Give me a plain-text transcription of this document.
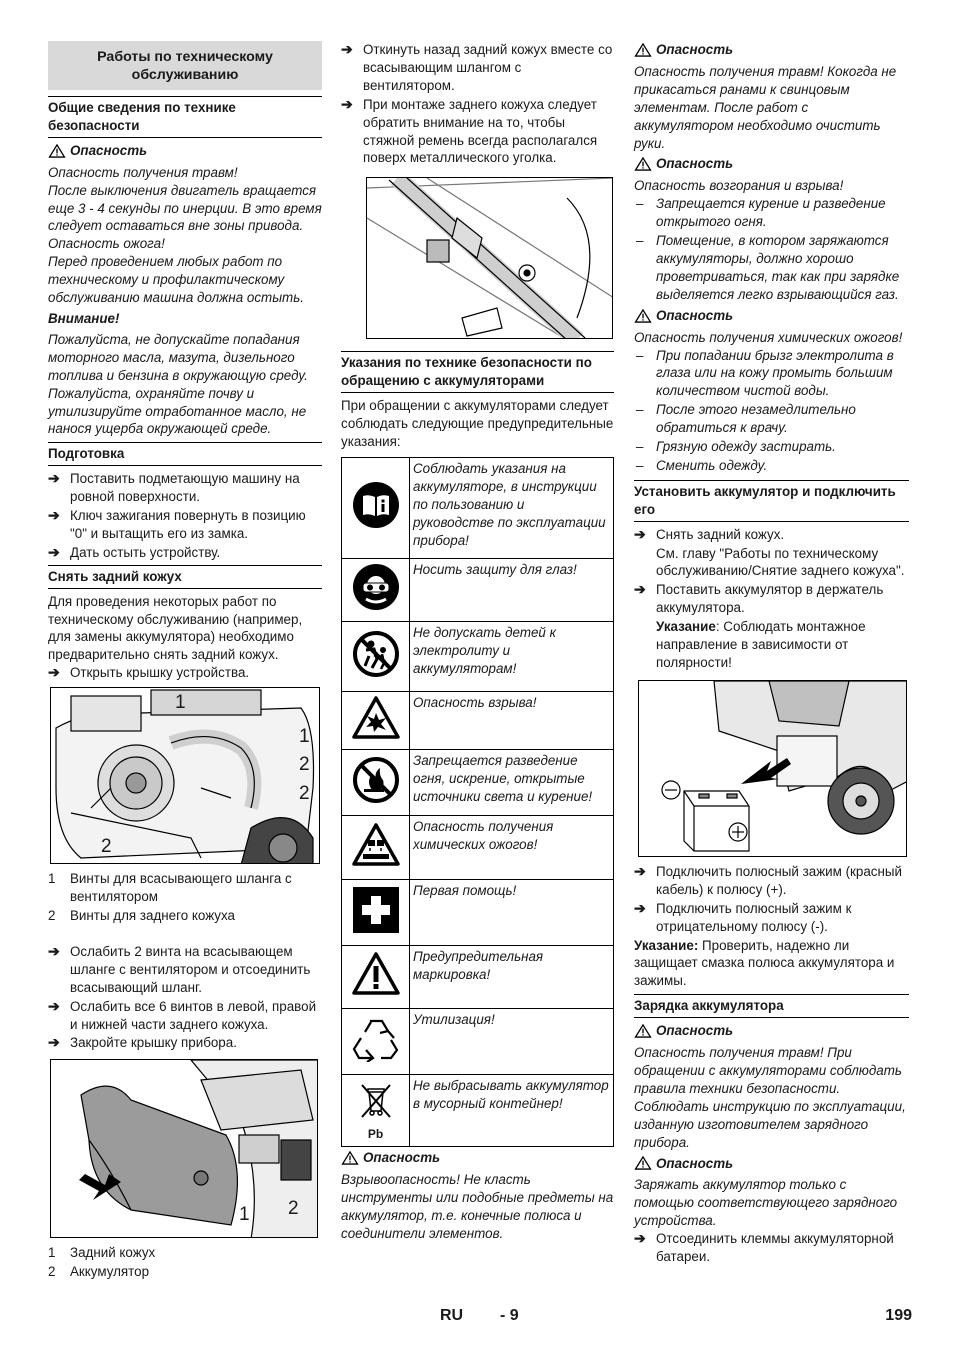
Работы по техническому обслуживанию
Общие сведения по технике безопасности
Опасность

Опасность получения травм!

После выключения двигатель вращается еще 3 - 4 секунды по инерции. В это время следует оставаться вне зоны привода.

Опасность ожога!

Перед проведением любых работ по техническому и профилактическому обслуживанию машина должна остыть.

Внимание!

Пожалуйста, не допускайте попадания моторного масла, мазута, дизельного топлива и бензина в окружающую среду. Пожалуйста, охраняйте почву и утилизируйте отработанное масло, не нанося ущерба окружающей среде.

Подготовка

➔ Поставить подметающую машину на ровной поверхности.

➔ Ключ зажигания повернуть в позицию "0" и вытащить его из замка.

➔ Дать остыть устройству.

Снять задний кожух

Для проведения некоторых работ по техническому обслуживанию (например, для замены аккумулятора) необходимо предварительно снять задний кожух.

➔ Открыть крышку устройства.

1
1
2
2
2
1 Винты для всасывающего шланга с вентилятором
2 Винты для заднего кожуха

➔ Ослабить 2 винта на всасывающем шланге с вентилятором и отсоединить всасывающий шланг.

➔ Ослабить все 6 винтов в левой, правой и нижней части заднего кожуха.

➔ Закройте крышку прибора.

1 2
1 Задний кожух
2 Аккумулятор

➔ Откинуть назад задний кожух вместе со всасывающим шлангом с вентилятором.

➔ При монтаже заднего кожуха следует обратить внимание на то, чтобы стяжной ремень всегда располагался поверх металлического уголка.

Указания по технике безопасности по обращению с аккумуляторами

При обращении с аккумуляторами следует соблюдать следующие предупредительные указания:

	Соблюдать указания на аккумуляторе, в инструкции по пользованию и руководстве по эксплуатации прибора!
	Носить защиту для глаз!
	Не допускать детей к электролиту и аккумуляторам!
	Опасность взрыва!
	Запрещается разведение огня, искрение, открытые источники света и курение!
	Опасность получения химических ожогов!
	Первая помощь!
	Предупредительная маркировка!
	Утилизация!

Pb	Не выбрасывать аккумулятор в мусорный контейнер!
Опасность

Взрывоопасность! Не класть инструменты или подобные предметы на аккумулятор, т.е. конечные полюса и соединители элементов.

Опасность

Опасность получения травм! Кокогда не прикасаться ранами к свинцовым элементам. После работ с аккумулятором необходимо очистить руки.

Опасность

Опасность возгорания и взрыва!

– Запрещается курение и разведение открытого огня.

– Помещение, в котором заряжаются аккумуляторы, должно хорошо проветриваться, так как при зарядке выделяется легко взрывающийся газ.

Опасность

Опасность получения химических ожогов!

– При попадании брызг электролита в глаза или на кожу промыть большим количеством чистой воды.

– После этого незамедлительно обратиться к врачу.

– Грязную одежду застирать.

– Сменить одежду.

Установить аккумулятор и подключить его

➔ Снять задний кожух.

См. главу "Работы по техническому обслуживанию/Снятие заднего кожуха".

➔ Поставить аккумулятор в держатель аккумулятора.

Указание: Соблюдать монтажное направление в зависимости от полярности!

➔ Подключить полюсный зажим (красный кабель) к полюсу (+).

➔ Подключить полюсный зажим к отрицательному полюсу (-).

Указание: Проверить, надежно ли защищает смазка полюса аккумулятора и зажимы.

Зарядка аккумулятора
Опасность

Опасность получения травм! При обращении с аккумуляторами соблюдать правила техники безопасности. Соблюдать инструкцию по эксплуатации, изданную изготовителем зарядного прибора.

Опасность

Заряжать аккумулятор только с помощью соответствующего зарядного устройства.

➔ Отсоединить клеммы аккумуляторной батареи.

RU - 9	199
